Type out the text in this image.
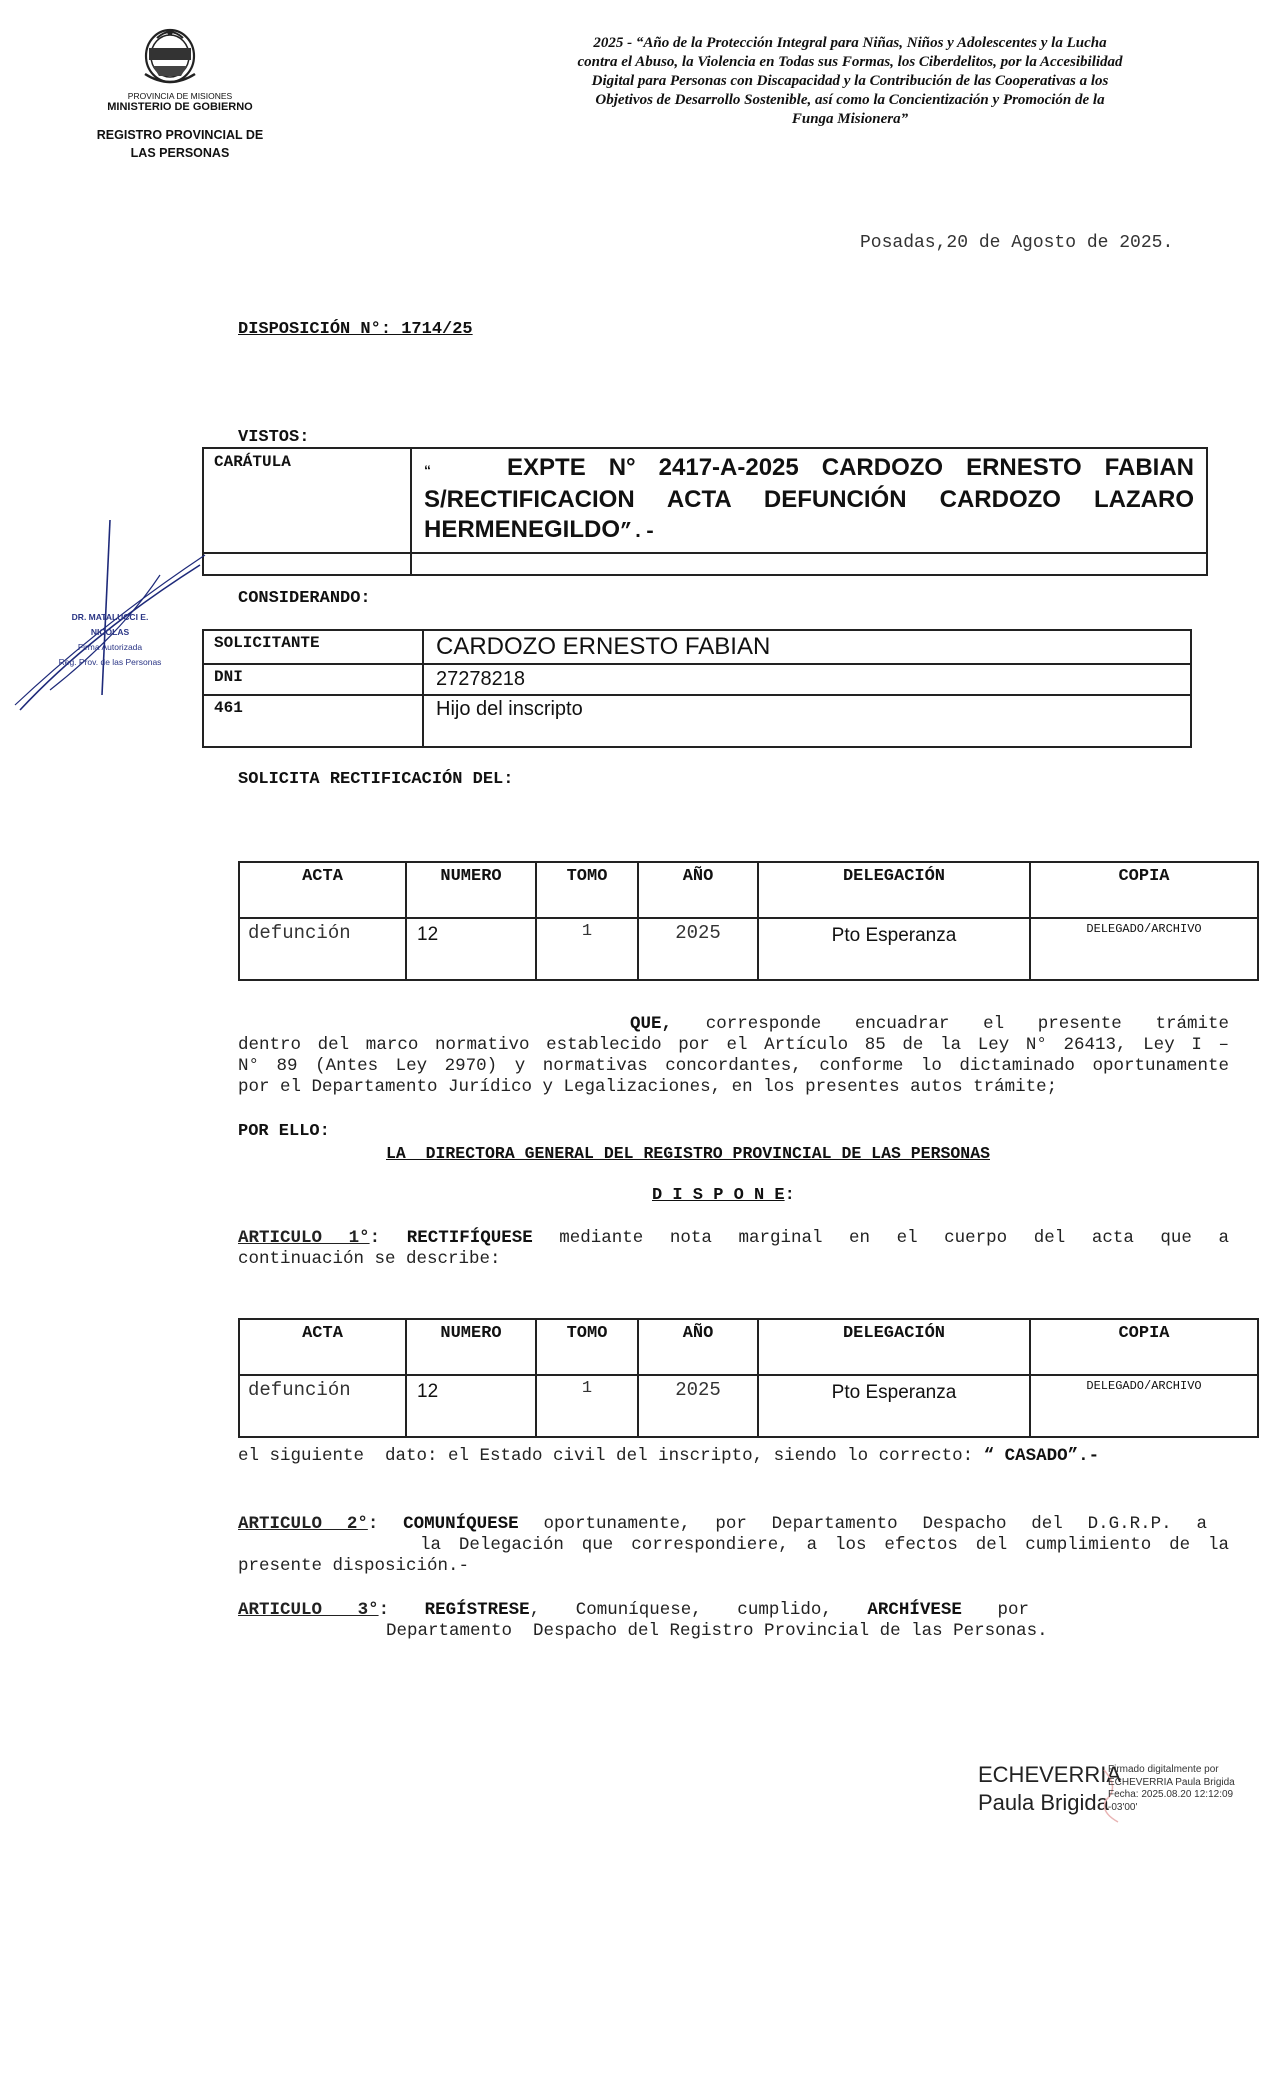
PROVINCIA DE MISIONES
MINISTERIO DE GOBIERNO
REGISTRO PROVINCIAL DE
LAS PERSONAS
2025 - “Año de la Protección Integral para Niñas, Niños y Adolescentes y la Lucha
contra el Abuso, la Violencia en Todas sus Formas, los Ciberdelitos, por la Accesibilidad
Digital para Personas con Discapacidad y la Contribución de las Cooperativas a los
Objetivos de Desarrollo Sostenible, así como la Concientización y Promoción de la
Funga Misionera”
Posadas,20 de Agosto de 2025.
DISPOSICIÓN N°: 1714/25
VISTOS:
CARÁTULA	“ EXPTE N° 2417-A-2025 CARDOZO ERNESTO FABIAN
S/RECTIFICACION ACTA DEFUNCIÓN CARDOZO LAZARO
HERMENEGILDO”.-

DR. MATALUCCI E. NICOLAS
Firma Autorizada
Reg. Prov. de las Personas
CONSIDERANDO:
SOLICITANTE	CARDOZO ERNESTO FABIAN
DNI	27278218
461	Hijo del inscripto
SOLICITA RECTIFICACIÓN DEL:
ACTA	NUMERO	TOMO	AÑO	DELEGACIÓN	COPIA
defunción	12	1	2025	Pto Esperanza	DELEGADO/ARCHIVO
QUE, corresponde encuadrar el presente trámite
dentro del marco normativo establecido por el Artículo 85 de la Ley N° 26413, Ley I –
N° 89 (Antes Ley 2970) y normativas concordantes, conforme lo dictaminado oportunamente
por el Departamento Jurídico y Legalizaciones, en los presentes autos trámite;
POR ELLO:
LA  DIRECTORA GENERAL DEL REGISTRO PROVINCIAL DE LAS PERSONAS
D I S P O N E:
ARTICULO 1°: RECTIFÍQUESE mediante nota marginal en el cuerpo del acta que a
continuación se describe:
ACTA	NUMERO	TOMO	AÑO	DELEGACIÓN	COPIA
defunción	12	1	2025	Pto Esperanza	DELEGADO/ARCHIVO
el siguiente  dato: el Estado civil del inscripto, siendo lo correcto: “ CASADO”.-
ARTICULO 2°: COMUNÍQUESE oportunamente, por Departamento Despacho del D.G.R.P. a
la Delegación que correspondiere, a los efectos del cumplimiento de la
presente disposición.-
ARTICULO 3°: REGÍSTRESE, Comuníquese, cumplido, ARCHÍVESE por
Departamento  Despacho del Registro Provincial de las Personas.
ECHEVERRIA
Paula Brigida
Firmado digitalmente por
ECHEVERRIA Paula Brigida
Fecha: 2025.08.20 12:12:09
-03'00'
